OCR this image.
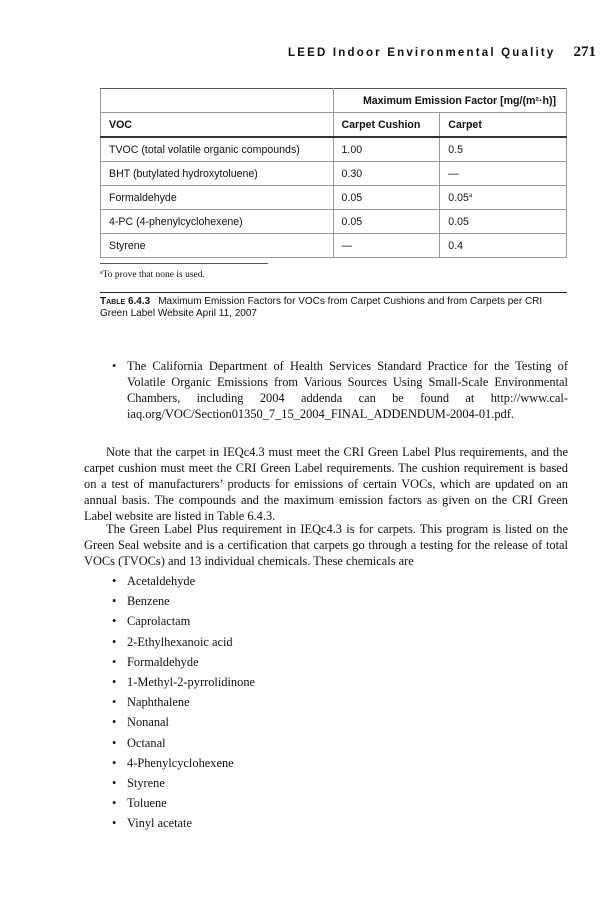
LEED Indoor Environmental Quality 271
	Maximum Emission Factor [mg/(m²·h)]	
VOC	Carpet Cushion	Carpet
TVOC (total volatile organic compounds)	1.00	0.5
BHT (butylated hydroxytoluene)	0.30	—
Formaldehyde	0.05	0.05$^a$
4-PC (4-phenylcyclohexene)	0.05	0.05
Styrene	—	0.4
$^a$To prove that none is used.
Table 6.4.3 Maximum Emission Factors for VOCs from Carpet Cushions and from Carpets per CRI Green Label Website April 11, 2007
• The California Department of Health Services Standard Practice for the Testing of Volatile Organic Emissions from Various Sources Using Small-Scale Environmental Chambers, including 2004 addenda can be found at http://www.cal-iaq.org/VOC/Section01350_7_15_2004_FINAL_ADDENDUM-2004-01.pdf.
Note that the carpet in IEQc4.3 must meet the CRI Green Label Plus requirements, and the carpet cushion must meet the CRI Green Label requirements. The cushion requirement is based on a test of manufacturers’ products for emissions of certain VOCs, which are updated on an annual basis. The compounds and the maximum emission factors as given on the CRI Green Label website are listed in Table 6.4.3.
The Green Label Plus requirement in IEQc4.3 is for carpets. This program is listed on the Green Seal website and is a certification that carpets go through a testing for the release of total VOCs (TVOCs) and 13 individual chemicals. These chemicals are
• Acetaldehyde
• Benzene
• Caprolactam
• 2-Ethylhexanoic acid
• Formaldehyde
• 1-Methyl-2-pyrrolidinone
• Naphthalene
• Nonanal
• Octanal
• 4-Phenylcyclohexene
• Styrene
• Toluene
• Vinyl acetate
